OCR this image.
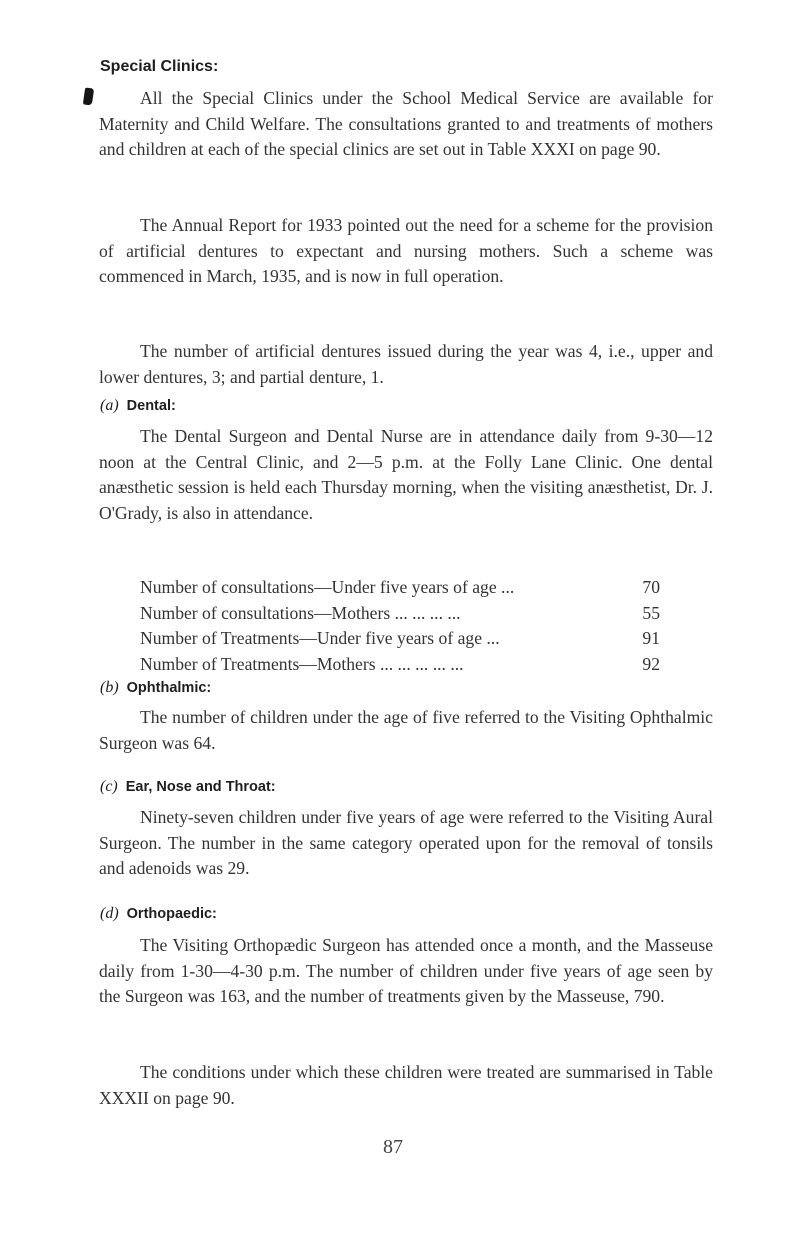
Special Clinics:

All the Special Clinics under the School Medical Service are available for Maternity and Child Welfare. The consultations granted to and treatments of mothers and children at each of the special clinics are set out in Table XXXI on page 90.

The Annual Report for 1933 pointed out the need for a scheme for the provision of artificial dentures to expectant and nursing mothers. Such a scheme was commenced in March, 1935, and is now in full operation.

The number of artificial dentures issued during the year was 4, i.e., upper and lower dentures, 3; and partial denture, 1.

(a) Dental:

The Dental Surgeon and Dental Nurse are in attendance daily from 9-30—12 noon at the Central Clinic, and 2—5 p.m. at the Folly Lane Clinic. One dental anæsthetic session is held each Thursday morning, when the visiting anæsthetist, Dr. J. O'Grady, is also in attendance.

Number of consultations—Under five years of age ...	70
Number of consultations—Mothers ... ... ... ...	55
Number of Treatments—Under five years of age ...	91
Number of Treatments—Mothers ... ... ... ... ...	92
(b) Ophthalmic:

The number of children under the age of five referred to the Visiting Ophthalmic Surgeon was 64.

(c) Ear, Nose and Throat:

Ninety-seven children under five years of age were referred to the Visiting Aural Surgeon. The number in the same category operated upon for the removal of tonsils and adenoids was 29.

(d) Orthopaedic:

The Visiting Orthopædic Surgeon has attended once a month, and the Masseuse daily from 1-30—4-30 p.m. The number of children under five years of age seen by the Surgeon was 163, and the number of treatments given by the Masseuse, 790.

The conditions under which these children were treated are summarised in Table XXXII on page 90.

87
